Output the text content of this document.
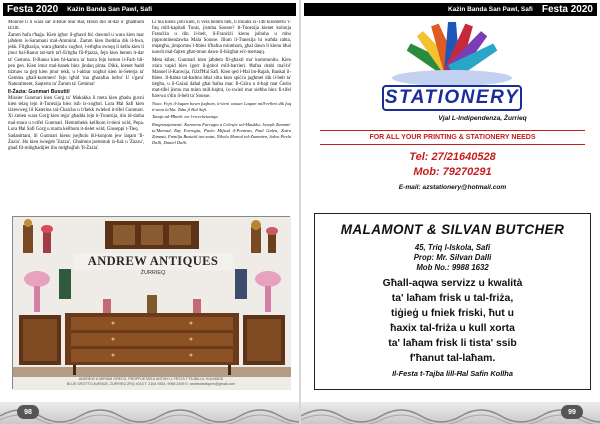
Festa 2020	Każin Banda San Pawl, Safi

Monroe li li wara sar il-Blue Star Bar, Hbon din id-dar u' għadhom ta'ziti.

Żamm ħafa t'ħaġa. Kien igħor il-għaxtl ħiċ dawmd u wara kien mar jaħdem is-Saramani mal-Ammiral. Żamm kien lbotkha dik il-ħwa, jekk. Filgħaxija, wara għamlu xogħol, l-erbgħa swoqq li kellu kien li jmur ħal-Banur tat-tarb ta'l-Erbgħa fil-Pjazza, fejn kien hemm it-dar ta' Gemma. Il-Banur kien ħl-kamra ta' barra fejn hemm il-Farb bil-pen ġen. Kien imur mal-banek biex jindaq pinta. Dikk, kienet ħadd tiżmaw ta ġejt kien jmur tekk, u l-akbar xogħol kien in-Seterja ta' Gemma għall-kummerċ fejn igħid 'ma għarafna lurbu' U s'gara' Naturalment, Saqtertu ta' Żamm ta' Gemma!

Il-Żazia: Gunmari Busuttil

Missier Gunmari kien Gorġ ta' Makakka li meta kien għadu ġuvni kien telaq lejn it-Tunezija biex isib ix-xogħol. Lura Ħal Safi kien iżżewweġ lil Katerina tal-Ċhaicha u b'hekk twieled it-tifel Gunmari. Xi zmien wara Gorġ kien reġa' għadda lejn it-Tunezija, din id-darba mal-mara u t-tifel Gunmari. Hemmhekk kellhom it-tieni wild, Pepa. Lura Ħal Safi Gorġ u marta kellhom it-tielet wild, Giuseppi t-Tieq.

Sadanittant, lil Gunmari kienu jsejħulu bil-kunjom jew laqam 'Il-Żazia'. Hu kien iwieġeb 'Zazzu', Għalmnn jsemmuh ix-ħaż u 'Żazzu', ghad fil-mibgħadijiet lilu mdgħajfuh 'Il-Żazia'.

Li ma kienx jafu kien, li vera hemm beh, li tmiaba ix-140 kilometru 'l-fuq mill-kapitali Tunis, jismha Sousse? It-Tunezija kienet kolonja Franċiża u din il-belt, il-Franċiżi kienu jsibuha u mhu jipprominenżawha Mala Sousse. Illum il-Tunezija hi waħda rabta, mqatgħa, jimportaw l-ħbies b'ħafna minnhom, għal dawn li kienu bħal nawdi mal-fajten għat-tmun dawn il-biżgħat eċċ-mertaqq.

Meta kiber, Gunmari kien jaħdem fil-għaxtl ma' kommonitu. Kien xtara vapid biex igorr il-ġobol mill-barrieri. Ħafna drabi mal-bi' Manuel il-Kanwija, l'iżżf'Ħal Safi. Kien qed l-Ħal bn-Rajab, Bankal il-ħbies. Il-ħabta tal-ħadma bħal sitta kien spiċċa jagħmel dik il-belt ta' tiegħu, u il-Gażaż daħal għal ħafna mar. Il-Gżira u d-ħajt mat Ġeżin mat-tifel jismu ma minn mill-bajtra, ix-xwież mar sieħba biex fi-tifel ħawwa s'din il-belt ta' Sousse.

Nota: Fejn il-laqam hawn fuqhom, it-tieni wasset Laqam mill-erħmi dik fuq it-tieni la'ħla. Tabu fi Hal Safi.

Tanqit tal-Ħbieb: mr l-ricerketaniqa.

Ringrazzjamenti: Karmenu Farrugia u Celesjte tal-Maukku, Joseph Zammit-ta'Marsad, Ray Farrugia, Paolo Mifsud il-Pontean, Paul Galea, Zaira Zammit, Familja Busuttil tax-xatat, Nikola Montul tal-Zummien, Salvu Pavla Dalli, Daniel Dalli.

ANDREW ANTIQUES
ŻURRIEQ
ANDREW U MIRIAM GRECH, PROPRJETARJI ANTIKKI L FESTA T'TAJBA LIL KULĦADD
BLUE GROTTO AVENUE, ŻURRIEQ ŻRQ 4015 T: 2164 0554, 9956 2499 E: andrewantiques@gmail.com
98
Każin Banda San Pawl, Safi Festa 2020
STATIONERY
Vjal L-Indipendenza, Żurrieq
FOR ALL YOUR PRINTING & STATIONERY NEEDS
Tel: 27/21640528
Mob: 79270291
E-mail: azstationery@hotmail.com
MALAMONT & SILVAN BUTCHER
45, Triq l-Iskola, Safi
Prop: Mr. Silvan Dalli
Mob No.: 9988 1632
Għall-aqwa servizz u kwalità
ta' laħam frisk u tal-friża,
tiġieġ u fniek friski, ħut u
ħaxix tal-friża u kull xorta
ta' laħam frisk li tista' ssib
f'ħanut tal-laħam.
Il-Festa t-Tajba lill-Ħal Safin Kollha
99
